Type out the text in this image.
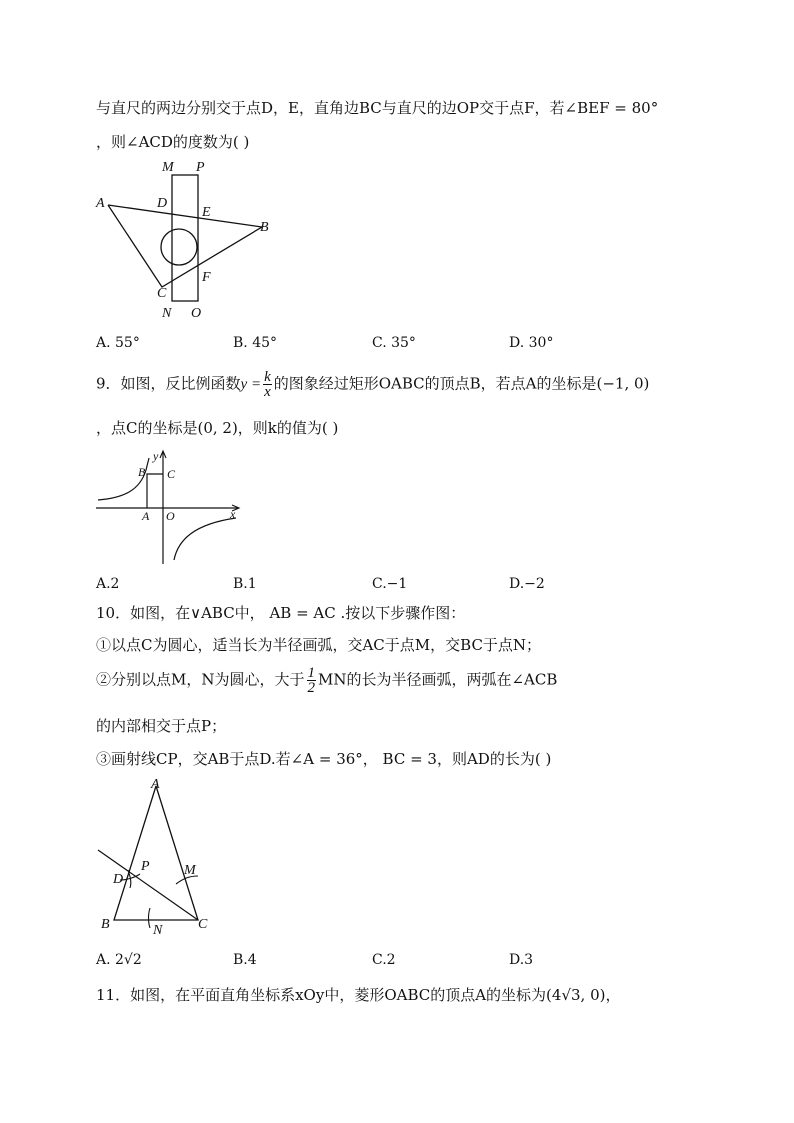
与直尺的两边分别交于点D，E，直角边BC与直尺的边OP交于点F，若∠BEF = 80°
，则∠ACD的度数为( )
M P
A	D
E
B
F
C
N O
A. 55°	B. 45°	C. 35°	D. 30°
9．如图，反比例函数$y = \frac{k}{x}$ 的图象经过矩形OABC的顶点B，若点A的坐标是(−1, 0)
，点C的坐标是(0, 2)，则k的值为( )
y
B C
A O	x
A.2	B.1	C.−1	D.−2
10．如图，在∨ABC中， AB = AC .按以下步骤作图：
①以点C为圆心，适当长为半径画弧，交AC于点M，交BC于点N；
②分别以点M，N为圆心，大于 $\frac{1}{2}$ MN的长为半径画弧，两弧在∠ACB
的内部相交于点P；
③画射线CP，交AB于点D.若∠A = 36°， BC = 3，则AD的长为( )
A
P M
D
B	C
N
A. 2√2	B.4	C.2	D.3
11．如图，在平面直角坐标系xOy中，菱形OABC的顶点A的坐标为(4√3, 0)，
